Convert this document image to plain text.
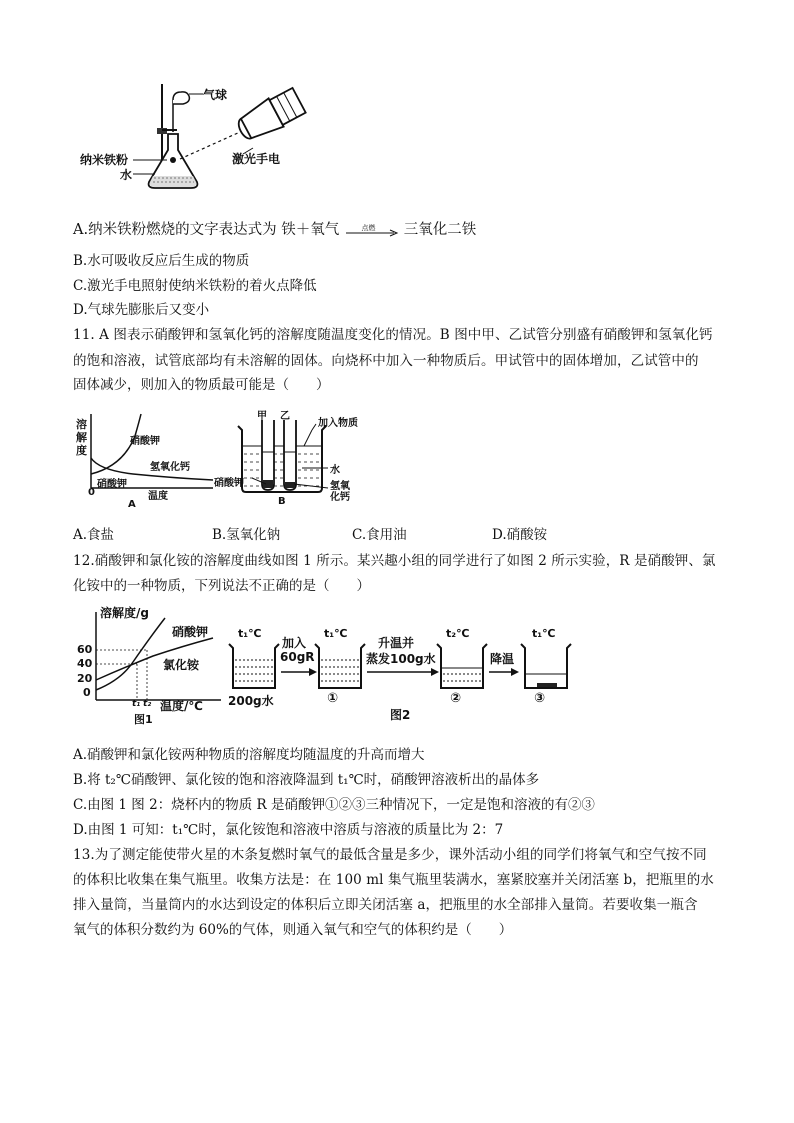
气球
激光手电
纳米铁粉
水
A.纳米铁粉燃烧的文字表达式为 铁＋氧气	点燃 三氧化二铁
B.水可吸收反应后生成的物质
C.激光手电照射使纳米铁粉的着火点降低
D.气球先膨胀后又变小
11. A 图表示硝酸钾和氢氧化钙的溶解度随温度变化的情况。B 图中甲、乙试管分别盛有硝酸钾和氢氧化钙
的饱和溶液，试管底部均有未溶解的固体。向烧杯中加入一种物质后。甲试管中的固体增加，乙试管中的
固体减少，则加入的物质最可能是（　　）
溶解度
硝酸钾
氢氧化钙
硝酸钾
0	温度
A
甲 乙
加入物质
水
硝酸钾	氢氧化钙
B
A.食盐	B.氢氧化钠	C.食用油	D.硝酸铵
12.硝酸钾和氯化铵的溶解度曲线如图 1 所示。某兴趣小组的同学进行了如图 2 所示实验，R 是硝酸钾、氯
化铵中的一种物质，下列说法不正确的是（　　）
溶解度/g
60
40
20
0
硝酸钾
氯化铵
t₁ t₂ 温度/℃
图1
t₁℃
加入
60gR
t₁℃
升温并
蒸发100g水
t₂℃
降温
t₁℃
200g水	①	②	③
图2
A.硝酸钾和氯化铵两种物质的溶解度均随温度的升高而增大
B.将 t₂℃硝酸钾、氯化铵的饱和溶液降温到 t₁℃时，硝酸钾溶液析出的晶体多
C.由图 1 图 2：烧杯内的物质 R 是硝酸钾①②③三种情况下，一定是饱和溶液的有②③
D.由图 1 可知：t₁℃时，氯化铵饱和溶液中溶质与溶液的质量比为 2：7
13.为了测定能使带火星的木条复燃时氧气的最低含量是多少，课外活动小组的同学们将氧气和空气按不同
的体积比收集在集气瓶里。收集方法是：在 100 ml 集气瓶里装满水，塞紧胶塞并关闭活塞 b，把瓶里的水
排入量筒，当量筒内的水达到设定的体积后立即关闭活塞 a，把瓶里的水全部排入量筒。若要收集一瓶含
氧气的体积分数约为 60%的气体，则通入氧气和空气的体积约是（　　）
